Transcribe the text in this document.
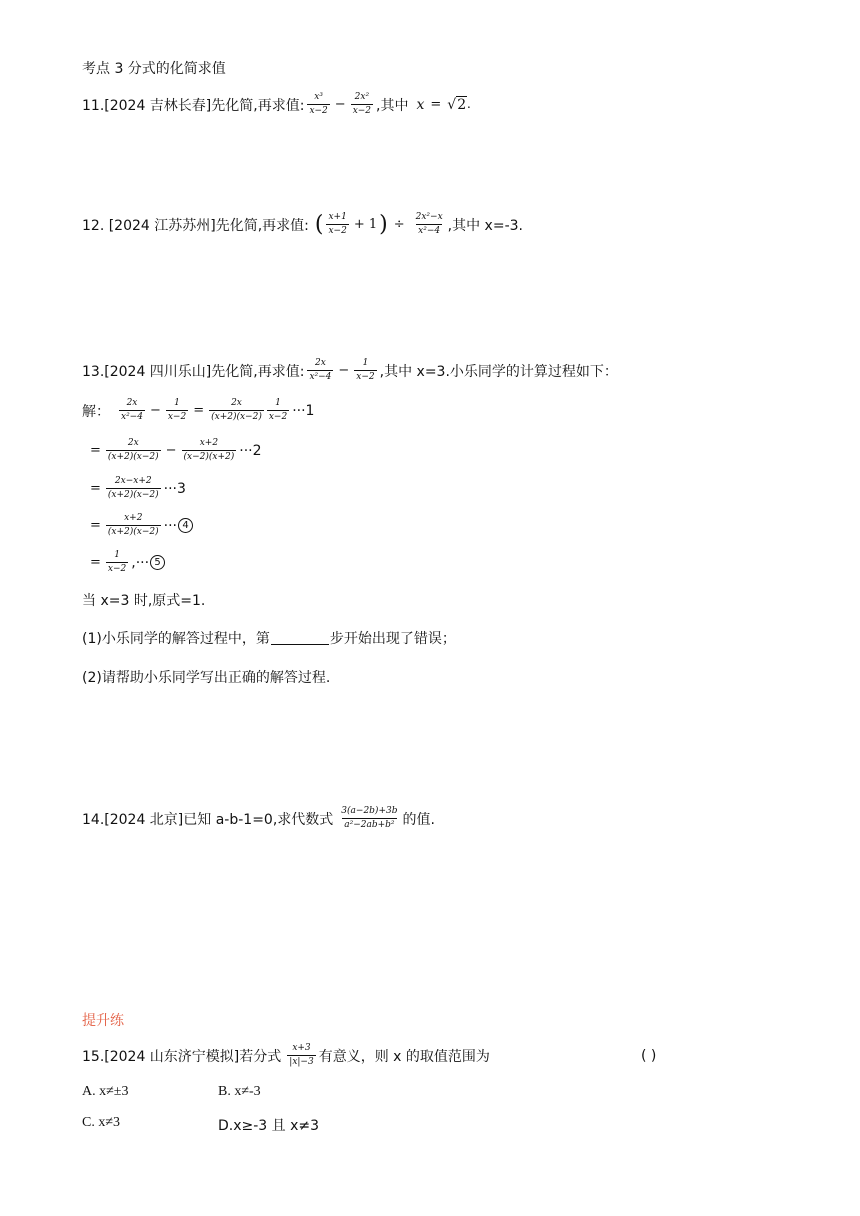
考点 3 分式的化简求值
11.[2024 吉林长春]先化简,再求值: $\frac{\text{x³}}{x-2} - \frac{\text{2x²}}{x-2}$ ,其中 x = √2 .
12. [2024 江苏苏州]先化简,再求值: ( $\frac{x+1}{x-2} + 1$ ) ÷ $\frac{\text{2x²−x}}{\text{x²−4}}$ ,其中 x=-3.
13.[2024 四川乐山]先化简,再求值: $\frac{2x}{\text{x²−4}} - \frac{1}{x-2}$ ,其中 x=3.小乐同学的计算过程如下：
解： $\frac{2x}{\text{x²−4}} - \frac{1}{x-2} = \frac{2x}{(x+2)(x-2)} \frac{1}{x-2} \cdot\cdot\cdot 1$
= $\frac{2x}{(x+2)(x-2)} - \frac{x+2}{(x-2)(x+2)} \cdot\cdot\cdot 2$
= $\frac{2x-x+2}{(x+2)(x-2)} \cdot\cdot\cdot 3$
= $\frac{x+2}{(x+2)(x-2)}$ ··· 4
= $\frac{1}{x-2}$ ,··· 5
当 x=3 时,原式=1.
(1)小乐同学的解答过程中，第	步开始出现了错误；
(2)请帮助小乐同学写出正确的解答过程.
14.[2024 北京]已知 a-b-1=0,求代数式 $\frac{3(a-2b)+3b}{\text{a²−2ab+b²}}$ 的值.
提升练
15.[2024 山东济宁模拟]若分式 $\frac{x+3}{|x|-3}$ 有意义，则 x 的取值范围为	( )
A. x≠±3	B. x≠-3
C. x≠3	D.x≥-3 且 x≠3
